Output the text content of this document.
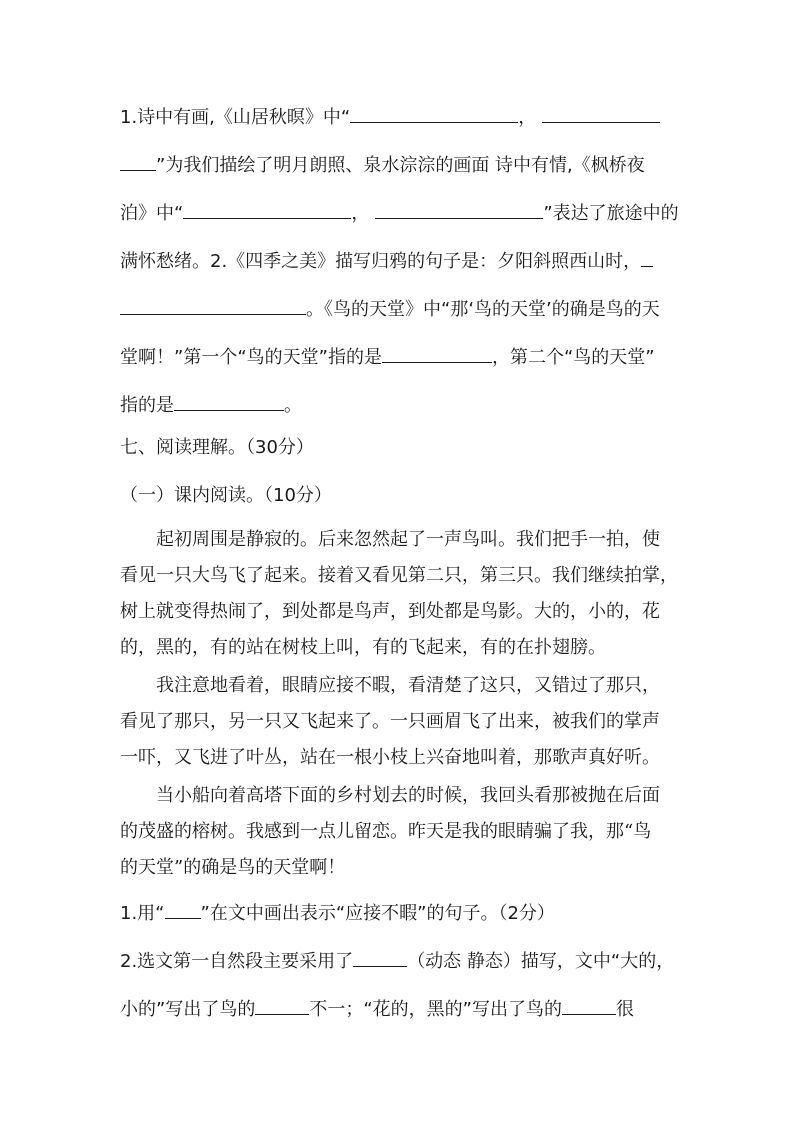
1.诗中有画,《山居秋暝》中“	，
”为我们描绘了明月朗照、泉水淙淙的画面 诗中有情,《枫桥夜
泊》中“	，	”表达了旅途中的
满怀愁绪。2.《四季之美》描写归鸦的句子是：夕阳斜照西山时，
。《鸟的天堂》中“那‘鸟的天堂’的确是鸟的天
堂啊！”第一个“鸟的天堂”指的是	，第二个“鸟的天堂”
指的是	。
七、阅读理解。（30分）
（一）课内阅读。（10分）
起初周围是静寂的。后来忽然起了一声鸟叫。我们把手一拍，使
看见一只大鸟飞了起来。接着又看见第二只，第三只。我们继续拍掌，
树上就变得热闹了，到处都是鸟声，到处都是鸟影。大的，小的，花
的，黑的，有的站在树枝上叫，有的飞起来，有的在扑翅膀。
我注意地看着，眼睛应接不暇，看清楚了这只，又错过了那只，
看见了那只，另一只又飞起来了。一只画眉飞了出来，被我们的掌声
一吓，又飞进了叶丛，站在一根小枝上兴奋地叫着，那歌声真好听。
当小船向着高塔下面的乡村划去的时候，我回头看那被抛在后面
的茂盛的榕树。我感到一点儿留恋。昨天是我的眼睛骗了我，那“鸟
的天堂”的确是鸟的天堂啊！
1.用“ ”在文中画出表示“应接不暇”的句子。（2分）
2.选文第一自然段主要采用了	（动态 静态）描写，文中“大的，
小的”写出了鸟的	不一；“花的，黑的”写出了鸟的	很
